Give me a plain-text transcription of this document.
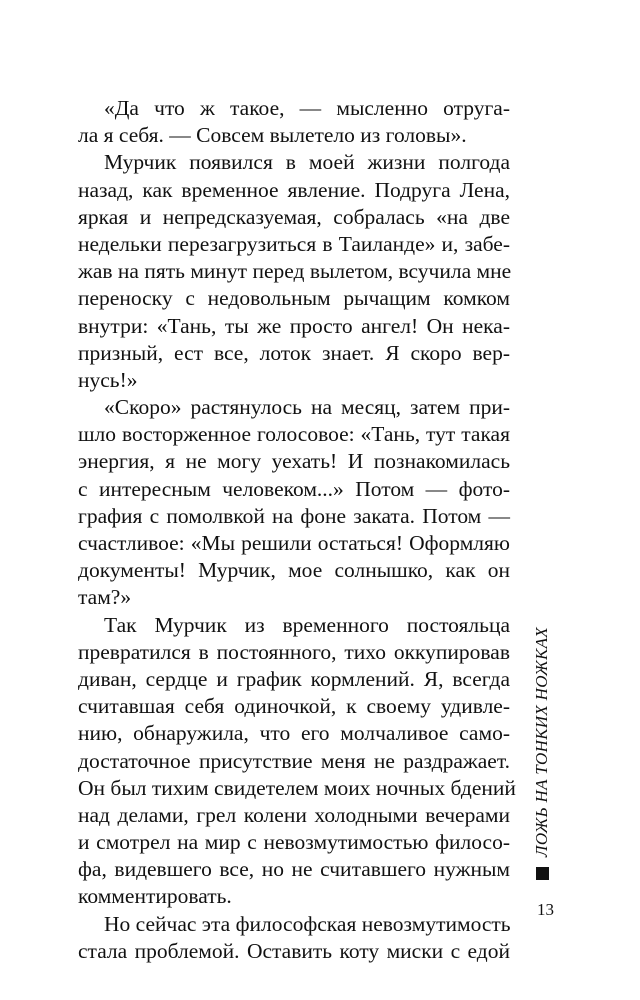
«Да что ж такое, — мысленно отруга-
ла я себя. — Совсем вылетело из головы».
Мурчик появился в моей жизни полгода
назад, как временное явление. Подруга Лена,
яркая и непредсказуемая, собралась «на две
недельки перезагрузиться в Таиланде» и, забе-
жав на пять минут перед вылетом, всучила мне
переноску с недовольным рычащим комком
внутри: «Тань, ты же просто ангел! Он нека-
призный, ест все, лоток знает. Я скоро вер-
нусь!»
«Скоро» растянулось на месяц, затем при-
шло восторженное голосовое: «Тань, тут такая
энергия, я не могу уехать! И познакомилась
с интересным человеком...» Потом — фото-
графия с помолвкой на фоне заката. Потом —
счастливое: «Мы решили остаться! Оформляю
документы! Мурчик, мое солнышко, как он
там?»
Так Мурчик из временного постояльца
превратился в постоянного, тихо оккупировав
диван, сердце и график кормлений. Я, всегда
считавшая себя одиночкой, к своему удивле-
нию, обнаружила, что его молчаливое само-
достаточное присутствие меня не раздражает.
Он был тихим свидетелем моих ночных бдений
над делами, грел колени холодными вечерами
и смотрел на мир с невозмутимостью филосо-
фа, видевшего все, но не считавшего нужным
комментировать.
Но сейчас эта философская невозмутимость
стала проблемой. Оставить коту миски с едой
ЛОЖЬ НА ТОНКИХ НОЖКАХ
13
